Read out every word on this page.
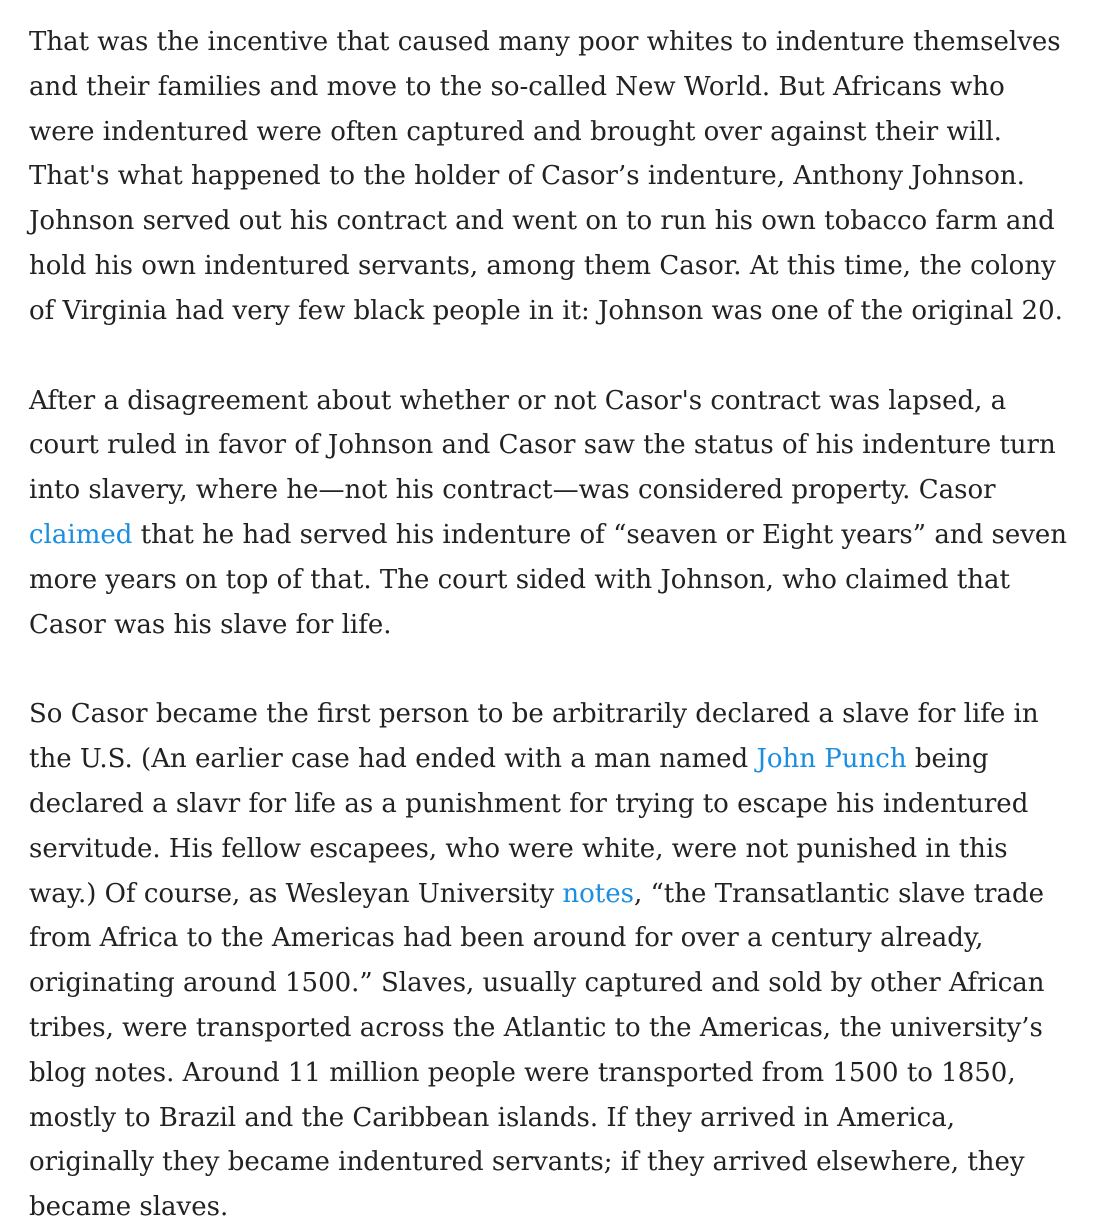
That was the incentive that caused many poor whites to indenture themselves and their families and move to the so-called New World. But Africans who were indentured were often captured and brought over against their will. That's what happened to the holder of Casor’s indenture, Anthony Johnson. Johnson served out his contract and went on to run his own tobacco farm and hold his own indentured servants, among them Casor. At this time, the colony of Virginia had very few black people in it: Johnson was one of the original 20.

After a disagreement about whether or not Casor's contract was lapsed, a court ruled in favor of Johnson and Casor saw the status of his indenture turn into slavery, where he—not his contract—was considered property. Casor claimed that he had served his indenture of “seaven or Eight years” and seven more years on top of that. The court sided with Johnson, who claimed that Casor was his slave for life.

So Casor became the first person to be arbitrarily declared a slave for life in the U.S. (An earlier case had ended with a man named John Punch being declared a slavr for life as a punishment for trying to escape his indentured servitude. His fellow escapees, who were white, were not punished in this way.) Of course, as Wesleyan University notes, “the Transatlantic slave trade from Africa to the Americas had been around for over a century already, originating around 1500.” Slaves, usually captured and sold by other African tribes, were transported across the Atlantic to the Americas, the university’s blog notes. Around 11 million people were transported from 1500 to 1850, mostly to Brazil and the Caribbean islands. If they arrived in America, originally they became indentured servants; if they arrived elsewhere, they became slaves.
